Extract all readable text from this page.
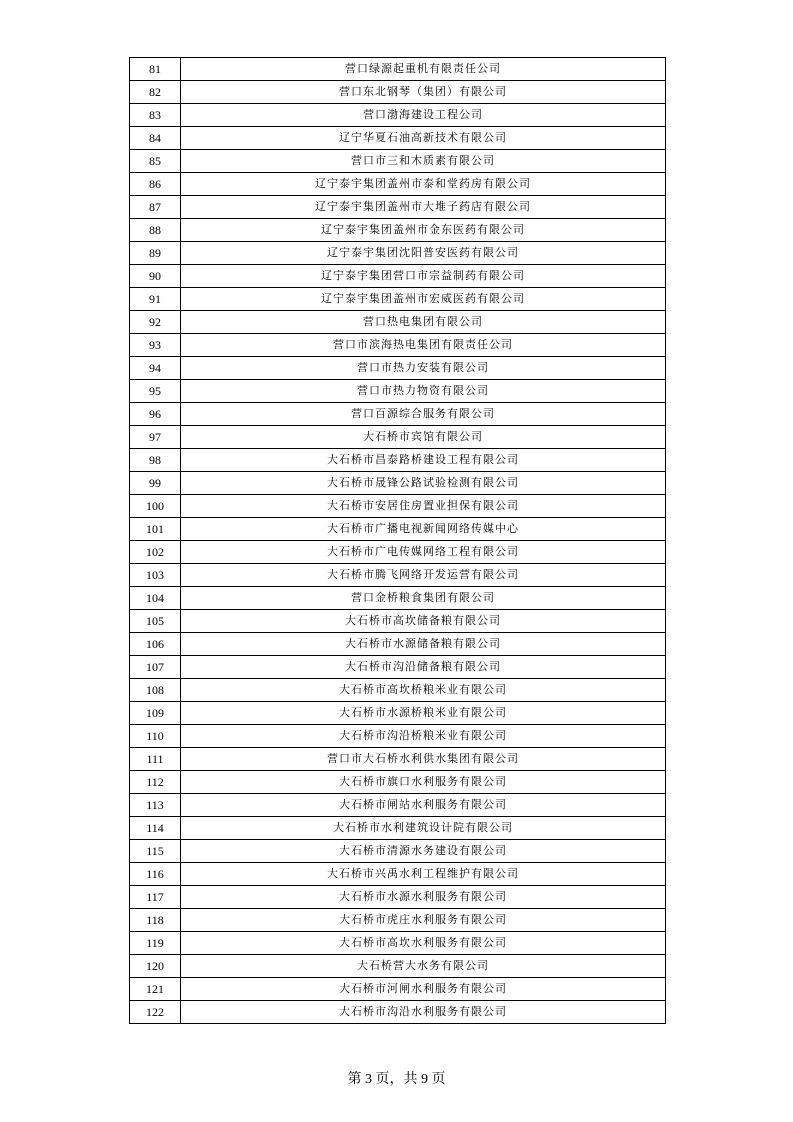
81	营口绿源起重机有限责任公司
82	营口东北钢琴（集团）有限公司
83	营口渤海建设工程公司
84	辽宁华夏石油高新技术有限公司
85	营口市三和木质素有限公司
86	辽宁泰宇集团盖州市泰和堂药房有限公司
87	辽宁泰宇集团盖州市大堆子药店有限公司
88	辽宁泰宇集团盖州市金东医药有限公司
89	辽宁泰宇集团沈阳普安医药有限公司
90	辽宁泰宇集团营口市宗益制药有限公司
91	辽宁泰宇集团盖州市宏威医药有限公司
92	营口热电集团有限公司
93	营口市滨海热电集团有限责任公司
94	营口市热力安装有限公司
95	营口市热力物资有限公司
96	营口百源综合服务有限公司
97	大石桥市宾馆有限公司
98	大石桥市昌泰路桥建设工程有限公司
99	大石桥市晟锋公路试验检测有限公司
100	大石桥市安居住房置业担保有限公司
101	大石桥市广播电视新闻网络传媒中心
102	大石桥市广电传媒网络工程有限公司
103	大石桥市腾飞网络开发运营有限公司
104	营口金桥粮食集团有限公司
105	大石桥市高坎储备粮有限公司
106	大石桥市水源储备粮有限公司
107	大石桥市沟沿储备粮有限公司
108	大石桥市高坎桥粮米业有限公司
109	大石桥市水源桥粮米业有限公司
110	大石桥市沟沿桥粮米业有限公司
111	营口市大石桥水利供水集团有限公司
112	大石桥市旗口水利服务有限公司
113	大石桥市闸站水利服务有限公司
114	大石桥市水利建筑设计院有限公司
115	大石桥市清源水务建设有限公司
116	大石桥市兴禹水利工程维护有限公司
117	大石桥市水源水利服务有限公司
118	大石桥市虎庄水利服务有限公司
119	大石桥市高坎水利服务有限公司
120	大石桥营大水务有限公司
121	大石桥市河闸水利服务有限公司
122	大石桥市沟沿水利服务有限公司
第 3 页，共 9 页
